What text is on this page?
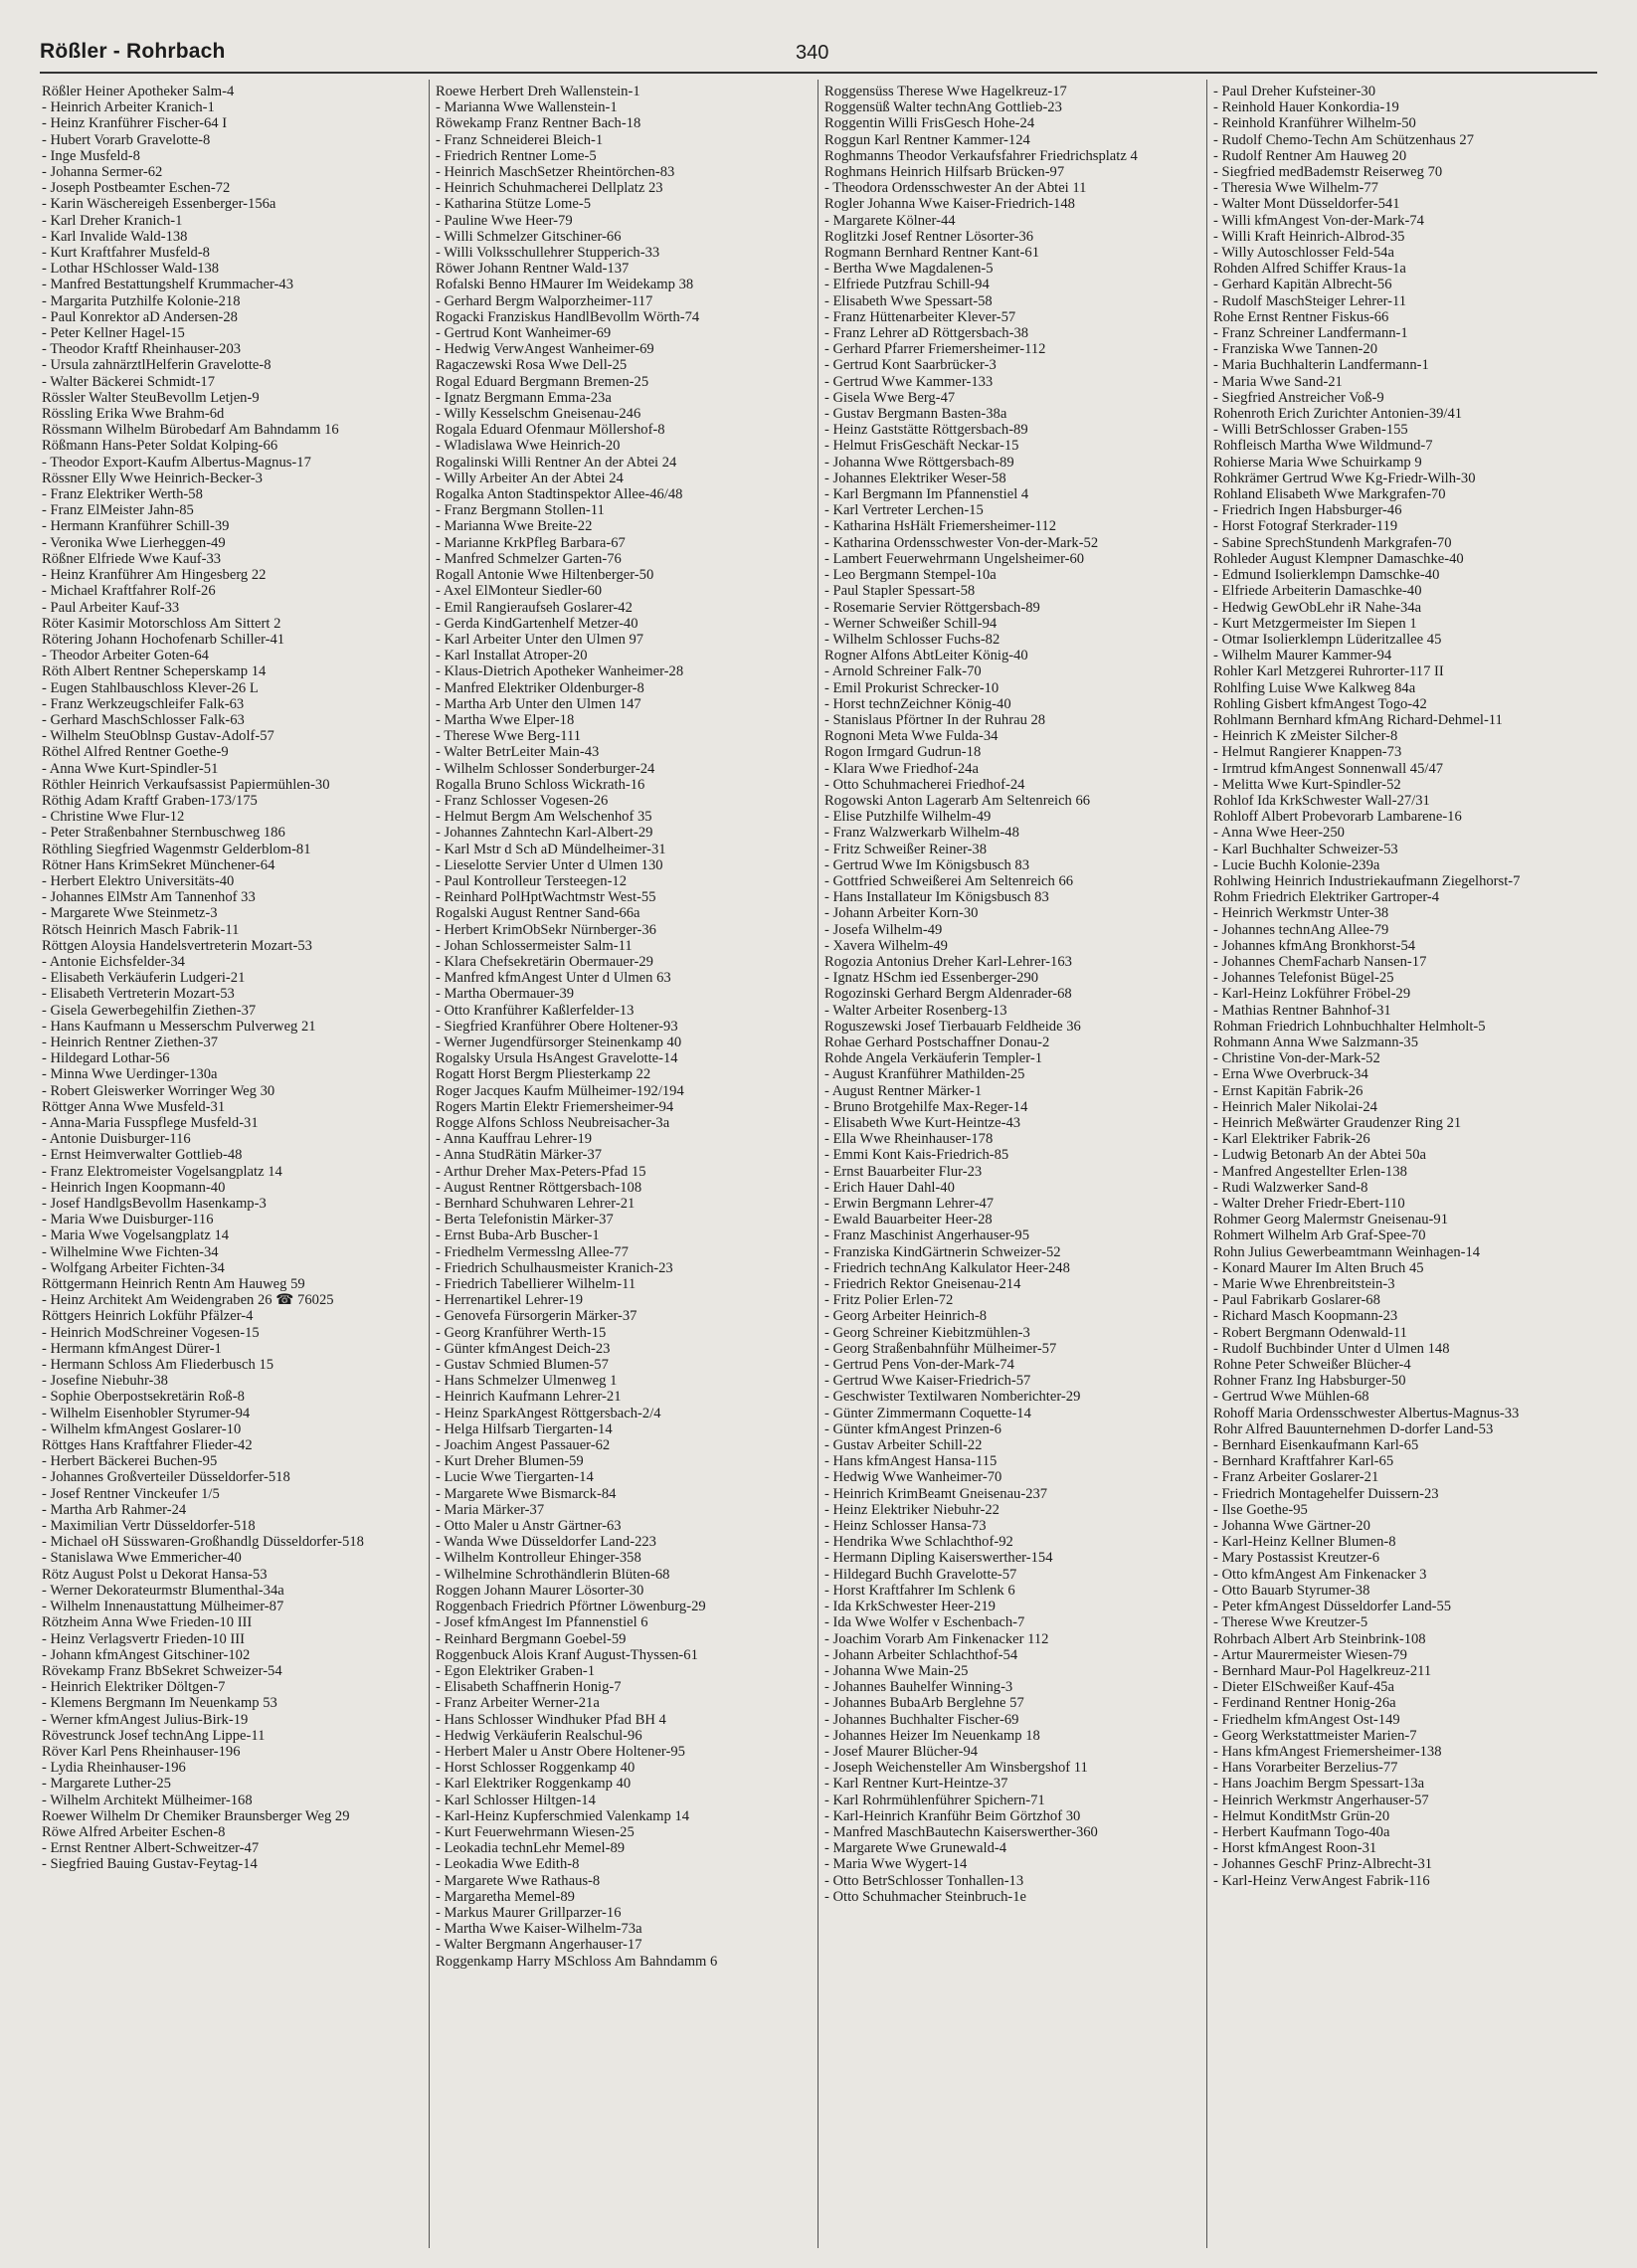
Rößler - Rohrbach	340
Rößler Heiner Apotheker Salm-4
- Heinrich Arbeiter Kranich-1
- Heinz Kranführer Fischer-64 I
- Hubert Vorarb Gravelotte-8
- Inge Musfeld-8
- Johanna Sermer-62
- Joseph Postbeamter Eschen-72
- Karin Wäschereigeh Essenberger-156a
- Karl Dreher Kranich-1
- Karl Invalide Wald-138
- Kurt Kraftfahrer Musfeld-8
- Lothar HSchlosser Wald-138
- Manfred Bestattungshelf Krummacher-43
- Margarita Putzhilfe Kolonie-218
- Paul Konrektor aD Andersen-28
- Peter Kellner Hagel-15
- Theodor Kraftf Rheinhauser-203
- Ursula zahnärztlHelferin Gravelotte-8
- Walter Bäckerei Schmidt-17
Rössler Walter SteuBevollm Letjen-9
Rössling Erika Wwe Brahm-6d
Rössmann Wilhelm Bürobedarf Am Bahndamm 16
Rößmann Hans-Peter Soldat Kolping-66
- Theodor Export-Kaufm Albertus-Magnus-17
Rössner Elly Wwe Heinrich-Becker-3
- Franz Elektriker Werth-58
- Franz ElMeister Jahn-85
- Hermann Kranführer Schill-39
- Veronika Wwe Lierheggen-49
Rößner Elfriede Wwe Kauf-33
- Heinz Kranführer Am Hingesberg 22
- Michael Kraftfahrer Rolf-26
- Paul Arbeiter Kauf-33
Röter Kasimir Motorschloss Am Sittert 2
Rötering Johann Hochofenarb Schiller-41
- Theodor Arbeiter Goten-64
Röth Albert Rentner Scheperskamp 14
- Eugen Stahlbauschloss Klever-26 L
- Franz Werkzeugschleifer Falk-63
- Gerhard MaschSchlosser Falk-63
- Wilhelm SteuOblnsp Gustav-Adolf-57
Röthel Alfred Rentner Goethe-9
- Anna Wwe Kurt-Spindler-51
Röthler Heinrich Verkaufsassist Papiermühlen-30
Röthig Adam Kraftf Graben-173/175
- Christine Wwe Flur-12
- Peter Straßenbahner Sternbuschweg 186
Röthling Siegfried Wagenmstr Gelderblom-81
Rötner Hans KrimSekret Münchener-64
- Herbert Elektro Universitäts-40
- Johannes ElMstr Am Tannenhof 33
- Margarete Wwe Steinmetz-3
Rötsch Heinrich Masch Fabrik-11
Röttgen Aloysia Handelsvertreterin Mozart-53
- Antonie Eichsfelder-34
- Elisabeth Verkäuferin Ludgeri-21
- Elisabeth Vertreterin Mozart-53
- Gisela Gewerbegehilfin Ziethen-37
- Hans Kaufmann u Messerschm Pulverweg 21
- Heinrich Rentner Ziethen-37
- Hildegard Lothar-56
- Minna Wwe Uerdinger-130a
- Robert Gleiswerker Worringer Weg 30
Röttger Anna Wwe Musfeld-31
- Anna-Maria Fusspflege Musfeld-31
- Antonie Duisburger-116
- Ernst Heimverwalter Gottlieb-48
- Franz Elektromeister Vogelsangplatz 14
- Heinrich Ingen Koopmann-40
- Josef HandlgsBevollm Hasenkamp-3
- Maria Wwe Duisburger-116
- Maria Wwe Vogelsangplatz 14
- Wilhelmine Wwe Fichten-34
- Wolfgang Arbeiter Fichten-34
Röttgermann Heinrich Rentn Am Hauweg 59
- Heinz Architekt Am Weidengraben 26 ☎ 76025
Röttgers Heinrich Lokführ Pfälzer-4
- Heinrich ModSchreiner Vogesen-15
- Hermann kfmAngest Dürer-1
- Hermann Schloss Am Fliederbusch 15
- Josefine Niebuhr-38
- Sophie Oberpostsekretärin Roß-8
- Wilhelm Eisenhobler Styrumer-94
- Wilhelm kfmAngest Goslarer-10
Röttges Hans Kraftfahrer Flieder-42
- Herbert Bäckerei Buchen-95
- Johannes Großverteiler Düsseldorfer-518
- Josef Rentner Vinckeufer 1/5
- Martha Arb Rahmer-24
- Maximilian Vertr Düsseldorfer-518
- Michael oH Süsswaren-Großhandlg Düsseldorfer-518
- Stanislawa Wwe Emmericher-40
Rötz August Polst u Dekorat Hansa-53
- Werner Dekorateurmstr Blumenthal-34a
- Wilhelm Innenaustattung Mülheimer-87
Rötzheim Anna Wwe Frieden-10 III
- Heinz Verlagsvertr Frieden-10 III
- Johann kfmAngest Gitschiner-102
Rövekamp Franz BbSekret Schweizer-54
- Heinrich Elektriker Döltgen-7
- Klemens Bergmann Im Neuenkamp 53
- Werner kfmAngest Julius-Birk-19
Rövestrunck Josef technAng Lippe-11
Röver Karl Pens Rheinhauser-196
- Lydia Rheinhauser-196
- Margarete Luther-25
- Wilhelm Architekt Mülheimer-168
Roewer Wilhelm Dr Chemiker Braunsberger Weg 29
Röwe Alfred Arbeiter Eschen-8
- Ernst Rentner Albert-Schweitzer-47
- Siegfried Bauing Gustav-Feytag-14
Roewe Herbert Dreh Wallenstein-1
- Marianna Wwe Wallenstein-1
Röwekamp Franz Rentner Bach-18
- Franz Schneiderei Bleich-1
- Friedrich Rentner Lome-5
- Heinrich MaschSetzer Rheintörchen-83
- Heinrich Schuhmacherei Dellplatz 23
- Katharina Stütze Lome-5
- Pauline Wwe Heer-79
- Willi Schmelzer Gitschiner-66
- Willi Volksschullehrer Stupperich-33
Röwer Johann Rentner Wald-137
Rofalski Benno HMaurer Im Weidekamp 38
- Gerhard Bergm Walporzheimer-117
Rogacki Franziskus HandlBevollm Wörth-74
- Gertrud Kont Wanheimer-69
- Hedwig VerwAngest Wanheimer-69
Ragaczewski Rosa Wwe Dell-25
Rogal Eduard Bergmann Bremen-25
- Ignatz Bergmann Emma-23a
- Willy Kesselschm Gneisenau-246
Rogala Eduard Ofenmaur Möllershof-8
- Wladislawa Wwe Heinrich-20
Rogalinski Willi Rentner An der Abtei 24
- Willy Arbeiter An der Abtei 24
Rogalka Anton Stadtinspektor Allee-46/48
- Franz Bergmann Stollen-11
- Marianna Wwe Breite-22
- Marianne KrkPfleg Barbara-67
- Manfred Schmelzer Garten-76
Rogall Antonie Wwe Hiltenberger-50
- Axel ElMonteur Siedler-60
- Emil Rangieraufseh Goslarer-42
- Gerda KindGartenhelf Metzer-40
- Karl Arbeiter Unter den Ulmen 97
- Karl Installat Atroper-20
- Klaus-Dietrich Apotheker Wanheimer-28
- Manfred Elektriker Oldenburger-8
- Martha Arb Unter den Ulmen 147
- Martha Wwe Elper-18
- Therese Wwe Berg-111
- Walter BetrLeiter Main-43
- Wilhelm Schlosser Sonderburger-24
Rogalla Bruno Schloss Wickrath-16
- Franz Schlosser Vogesen-26
- Helmut Bergm Am Welschenhof 35
- Johannes Zahntechn Karl-Albert-29
- Karl Mstr d Sch aD Mündelheimer-31
- Lieselotte Servier Unter d Ulmen 130
- Paul Kontrolleur Tersteegen-12
- Reinhard PolHptWachtmstr West-55
Rogalski August Rentner Sand-66a
- Herbert KrimObSekr Nürnberger-36
- Johan Schlossermeister Salm-11
- Klara Chefsekretärin Obermauer-29
- Manfred kfmAngest Unter d Ulmen 63
- Martha Obermauer-39
- Otto Kranführer Kaßlerfelder-13
- Siegfried Kranführer Obere Holtener-93
- Werner Jugendfürsorger Steinenkamp 40
Rogalsky Ursula HsAngest Gravelotte-14
Rogatt Horst Bergm Pliesterkamp 22
Roger Jacques Kaufm Mülheimer-192/194
Rogers Martin Elektr Friemersheimer-94
Rogge Alfons Schloss Neubreisacher-3a
- Anna Kauffrau Lehrer-19
- Anna StudRätin Märker-37
- Arthur Dreher Max-Peters-Pfad 15
- August Rentner Röttgersbach-108
- Bernhard Schuhwaren Lehrer-21
- Berta Telefonistin Märker-37
- Ernst Buba-Arb Buscher-1
- Friedhelm Vermesslng Allee-77
- Friedrich Schulhausmeister Kranich-23
- Friedrich Tabellierer Wilhelm-11
- Herrenartikel Lehrer-19
- Genovefa Fürsorgerin Märker-37
- Georg Kranführer Werth-15
- Günter kfmAngest Deich-23
- Gustav Schmied Blumen-57
- Hans Schmelzer Ulmenweg 1
- Heinrich Kaufmann Lehrer-21
- Heinz SparkAngest Röttgersbach-2/4
- Helga Hilfsarb Tiergarten-14
- Joachim Angest Passauer-62
- Kurt Dreher Blumen-59
- Lucie Wwe Tiergarten-14
- Margarete Wwe Bismarck-84
- Maria Märker-37
- Otto Maler u Anstr Gärtner-63
- Wanda Wwe Düsseldorfer Land-223
- Wilhelm Kontrolleur Ehinger-358
- Wilhelmine Schrothändlerin Blüten-68
Roggen Johann Maurer Lösorter-30
Roggenbach Friedrich Pförtner Löwenburg-29
- Josef kfmAngest Im Pfannenstiel 6
- Reinhard Bergmann Goebel-59
Roggenbuck Alois Kranf August-Thyssen-61
- Egon Elektriker Graben-1
- Elisabeth Schaffnerin Honig-7
- Franz Arbeiter Werner-21a
- Hans Schlosser Windhuker Pfad BH 4
- Hedwig Verkäuferin Realschul-96
- Herbert Maler u Anstr Obere Holtener-95
- Horst Schlosser Roggenkamp 40
- Karl Elektriker Roggenkamp 40
- Karl Schlosser Hiltgen-14
- Karl-Heinz Kupferschmied Valenkamp 14
- Kurt Feuerwehrmann Wiesen-25
- Leokadia technLehr Memel-89
- Leokadia Wwe Edith-8
- Margarete Wwe Rathaus-8
- Margaretha Memel-89
- Markus Maurer Grillparzer-16
- Martha Wwe Kaiser-Wilhelm-73a
- Walter Bergmann Angerhauser-17
Roggenkamp Harry MSchloss Am Bahndamm 6
Roggensüss Therese Wwe Hagelkreuz-17
Roggensüß Walter technAng Gottlieb-23
Roggentin Willi FrisGesch Hohe-24
Roggun Karl Rentner Kammer-124
Roghmanns Theodor Verkaufsfahrer Friedrichsplatz 4
Roghmans Heinrich Hilfsarb Brücken-97
- Theodora Ordensschwester An der Abtei 11
Rogler Johanna Wwe Kaiser-Friedrich-148
- Margarete Kölner-44
Roglitzki Josef Rentner Lösorter-36
Rogmann Bernhard Rentner Kant-61
- Bertha Wwe Magdalenen-5
- Elfriede Putzfrau Schill-94
- Elisabeth Wwe Spessart-58
- Franz Hüttenarbeiter Klever-57
- Franz Lehrer aD Röttgersbach-38
- Gerhard Pfarrer Friemersheimer-112
- Gertrud Kont Saarbrücker-3
- Gertrud Wwe Kammer-133
- Gisela Wwe Berg-47
- Gustav Bergmann Basten-38a
- Heinz Gaststätte Röttgersbach-89
- Helmut FrisGeschäft Neckar-15
- Johanna Wwe Röttgersbach-89
- Johannes Elektriker Weser-58
- Karl Bergmann Im Pfannenstiel 4
- Karl Vertreter Lerchen-15
- Katharina HsHält Friemersheimer-112
- Katharina Ordensschwester Von-der-Mark-52
- Lambert Feuerwehrmann Ungelsheimer-60
- Leo Bergmann Stempel-10a
- Paul Stapler Spessart-58
- Rosemarie Servier Röttgersbach-89
- Werner Schweißer Schill-94
- Wilhelm Schlosser Fuchs-82
Rogner Alfons AbtLeiter König-40
- Arnold Schreiner Falk-70
- Emil Prokurist Schrecker-10
- Horst technZeichner König-40
- Stanislaus Pförtner In der Ruhrau 28
Rognoni Meta Wwe Fulda-34
Rogon Irmgard Gudrun-18
- Klara Wwe Friedhof-24a
- Otto Schuhmacherei Friedhof-24
Rogowski Anton Lagerarb Am Seltenreich 66
- Elise Putzhilfe Wilhelm-49
- Franz Walzwerkarb Wilhelm-48
- Fritz Schweißer Reiner-38
- Gertrud Wwe Im Königsbusch 83
- Gottfried Schweißerei Am Seltenreich 66
- Hans Installateur Im Königsbusch 83
- Johann Arbeiter Korn-30
- Josefa Wilhelm-49
- Xavera Wilhelm-49
Rogozia Antonius Dreher Karl-Lehrer-163
- Ignatz HSchm ied Essenberger-290
Rogozinski Gerhard Bergm Aldenrader-68
- Walter Arbeiter Rosenberg-13
Roguszewski Josef Tierbauarb Feldheide 36
Rohae Gerhard Postschaffner Donau-2
Rohde Angela Verkäuferin Templer-1
- August Kranführer Mathilden-25
- August Rentner Märker-1
- Bruno Brotgehilfe Max-Reger-14
- Elisabeth Wwe Kurt-Heintze-43
- Ella Wwe Rheinhauser-178
- Emmi Kont Kais-Friedrich-85
- Ernst Bauarbeiter Flur-23
- Erich Hauer Dahl-40
- Erwin Bergmann Lehrer-47
- Ewald Bauarbeiter Heer-28
- Franz Maschinist Angerhauser-95
- Franziska KindGärtnerin Schweizer-52
- Friedrich technAng Kalkulator Heer-248
- Friedrich Rektor Gneisenau-214
- Fritz Polier Erlen-72
- Georg Arbeiter Heinrich-8
- Georg Schreiner Kiebitzmühlen-3
- Georg Straßenbahnführ Mülheimer-57
- Gertrud Pens Von-der-Mark-74
- Gertrud Wwe Kaiser-Friedrich-57
- Geschwister Textilwaren Nomberichter-29
- Günter Zimmermann Coquette-14
- Günter kfmAngest Prinzen-6
- Gustav Arbeiter Schill-22
- Hans kfmAngest Hansa-115
- Hedwig Wwe Wanheimer-70
- Heinrich KrimBeamt Gneisenau-237
- Heinz Elektriker Niebuhr-22
- Heinz Schlosser Hansa-73
- Hendrika Wwe Schlachthof-92
- Hermann Dipling Kaiserswerther-154
- Hildegard Buchh Gravelotte-57
- Horst Kraftfahrer Im Schlenk 6
- Ida KrkSchwester Heer-219
- Ida Wwe Wolfer v Eschenbach-7
- Joachim Vorarb Am Finkenacker 112
- Johann Arbeiter Schlachthof-54
- Johanna Wwe Main-25
- Johannes Bauhelfer Winning-3
- Johannes BubaArb Berglehne 57
- Johannes Buchhalter Fischer-69
- Johannes Heizer Im Neuenkamp 18
- Josef Maurer Blücher-94
- Joseph Weichensteller Am Winsbergshof 11
- Karl Rentner Kurt-Heintze-37
- Karl Rohrmühlenführer Spichern-71
- Karl-Heinrich Kranführ Beim Görtzhof 30
- Manfred MaschBautechn Kaiserswerther-360
- Margarete Wwe Grunewald-4
- Maria Wwe Wygert-14
- Otto BetrSchlosser Tonhallen-13
- Otto Schuhmacher Steinbruch-1e
- Paul Dreher Kufsteiner-30
- Reinhold Hauer Konkordia-19
- Reinhold Kranführer Wilhelm-50
- Rudolf Chemo-Techn Am Schützenhaus 27
- Rudolf Rentner Am Hauweg 20
- Siegfried medBademstr Reiserweg 70
- Theresia Wwe Wilhelm-77
- Walter Mont Düsseldorfer-541
- Willi kfmAngest Von-der-Mark-74
- Willi Kraft Heinrich-Albrod-35
- Willy Autoschlosser Feld-54a
Rohden Alfred Schiffer Kraus-1a
- Gerhard Kapitän Albrecht-56
- Rudolf MaschSteiger Lehrer-11
Rohe Ernst Rentner Fiskus-66
- Franz Schreiner Landfermann-1
- Franziska Wwe Tannen-20
- Maria Buchhalterin Landfermann-1
- Maria Wwe Sand-21
- Siegfried Anstreicher Voß-9
Rohenroth Erich Zurichter Antonien-39/41
- Willi BetrSchlosser Graben-155
Rohfleisch Martha Wwe Wildmund-7
Rohierse Maria Wwe Schuirkamp 9
Rohkrämer Gertrud Wwe Kg-Friedr-Wilh-30
Rohland Elisabeth Wwe Markgrafen-70
- Friedrich Ingen Habsburger-46
- Horst Fotograf Sterkrader-119
- Sabine SprechStundenh Markgrafen-70
Rohleder August Klempner Damaschke-40
- Edmund Isolierklempn Damschke-40
- Elfriede Arbeiterin Damaschke-40
- Hedwig GewObLehr iR Nahe-34a
- Kurt Metzgermeister Im Siepen 1
- Otmar Isolierklempn Lüderitzallee 45
- Wilhelm Maurer Kammer-94
Rohler Karl Metzgerei Ruhrorter-117 II
Rohlfing Luise Wwe Kalkweg 84a
Rohling Gisbert kfmAngest Togo-42
Rohlmann Bernhard kfmAng Richard-Dehmel-11
- Heinrich K zMeister Silcher-8
- Helmut Rangierer Knappen-73
- Irmtrud kfmAngest Sonnenwall 45/47
- Melitta Wwe Kurt-Spindler-52
Rohlof Ida KrkSchwester Wall-27/31
Rohloff Albert Probevorarb Lambarene-16
- Anna Wwe Heer-250
- Karl Buchhalter Schweizer-53
- Lucie Buchh Kolonie-239a
Rohlwing Heinrich Industriekaufmann Ziegelhorst-7
Rohm Friedrich Elektriker Gartroper-4
- Heinrich Werkmstr Unter-38
- Johannes technAng Allee-79
- Johannes kfmAng Bronkhorst-54
- Johannes ChemFacharb Nansen-17
- Johannes Telefonist Bügel-25
- Karl-Heinz Lokführer Fröbel-29
- Mathias Rentner Bahnhof-31
Rohman Friedrich Lohnbuchhalter Helmholt-5
Rohmann Anna Wwe Salzmann-35
- Christine Von-der-Mark-52
- Erna Wwe Overbruck-34
- Ernst Kapitän Fabrik-26
- Heinrich Maler Nikolai-24
- Heinrich Meßwärter Graudenzer Ring 21
- Karl Elektriker Fabrik-26
- Ludwig Betonarb An der Abtei 50a
- Manfred Angestellter Erlen-138
- Rudi Walzwerker Sand-8
- Walter Dreher Friedr-Ebert-110
Rohmer Georg Malermstr Gneisenau-91
Rohmert Wilhelm Arb Graf-Spee-70
Rohn Julius Gewerbeamtmann Weinhagen-14
- Konard Maurer Im Alten Bruch 45
- Marie Wwe Ehrenbreitstein-3
- Paul Fabrikarb Goslarer-68
- Richard Masch Koopmann-23
- Robert Bergmann Odenwald-11
- Rudolf Buchbinder Unter d Ulmen 148
Rohne Peter Schweißer Blücher-4
Rohner Franz Ing Habsburger-50
- Gertrud Wwe Mühlen-68
Rohoff Maria Ordensschwester Albertus-Magnus-33
Rohr Alfred Bauunternehmen D-dorfer Land-53
- Bernhard Eisenkaufmann Karl-65
- Bernhard Kraftfahrer Karl-65
- Franz Arbeiter Goslarer-21
- Friedrich Montagehelfer Duissern-23
- Ilse Goethe-95
- Johanna Wwe Gärtner-20
- Karl-Heinz Kellner Blumen-8
- Mary Postassist Kreutzer-6
- Otto kfmAngest Am Finkenacker 3
- Otto Bauarb Styrumer-38
- Peter kfmAngest Düsseldorfer Land-55
- Therese Wwe Kreutzer-5
Rohrbach Albert Arb Steinbrink-108
- Artur Maurermeister Wiesen-79
- Bernhard Maur-Pol Hagelkreuz-211
- Dieter ElSchweißer Kauf-45a
- Ferdinand Rentner Honig-26a
- Friedhelm kfmAngest Ost-149
- Georg Werkstattmeister Marien-7
- Hans kfmAngest Friemersheimer-138
- Hans Vorarbeiter Berzelius-77
- Hans Joachim Bergm Spessart-13a
- Heinrich Werkmstr Angerhauser-57
- Helmut KonditMstr Grün-20
- Herbert Kaufmann Togo-40a
- Horst kfmAngest Roon-31
- Johannes GeschF Prinz-Albrecht-31
- Karl-Heinz VerwAngest Fabrik-116
